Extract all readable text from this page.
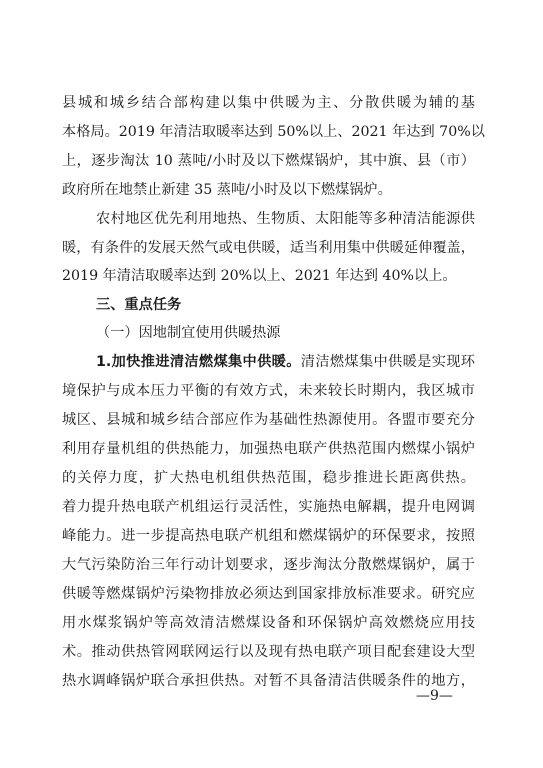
县城和城乡结合部构建以集中供暖为主、分散供暖为辅的基
本格局。2019 年清洁取暖率达到 50%以上、2021 年达到 70%以
上，逐步淘汰 10 蒸吨/小时及以下燃煤锅炉，其中旗、县（市）
政府所在地禁止新建 35 蒸吨/小时及以下燃煤锅炉。
农村地区优先利用地热、生物质、太阳能等多种清洁能源供
暖，有条件的发展天然气或电供暖，适当利用集中供暖延伸覆盖，
2019 年清洁取暖率达到 20%以上、2021 年达到 40%以上。
三、重点任务
（一）因地制宜使用供暖热源
1.加快推进清洁燃煤集中供暖。清洁燃煤集中供暖是实现环
境保护与成本压力平衡的有效方式，未来较长时期内，我区城市
城区、县城和城乡结合部应作为基础性热源使用。各盟市要充分
利用存量机组的供热能力，加强热电联产供热范围内燃煤小锅炉
的关停力度，扩大热电机组供热范围，稳步推进长距离供热。
着力提升热电联产机组运行灵活性，实施热电解耦，提升电网调
峰能力。进一步提高热电联产机组和燃煤锅炉的环保要求，按照
大气污染防治三年行动计划要求，逐步淘汰分散燃煤锅炉，属于
供暖等燃煤锅炉污染物排放必须达到国家排放标准要求。研究应
用水煤浆锅炉等高效清洁燃煤设备和环保锅炉高效燃烧应用技
术。推动供热管网联网运行以及现有热电联产项目配套建设大型
热水调峰锅炉联合承担供热。对暂不具备清洁供暖条件的地方，
—9—
